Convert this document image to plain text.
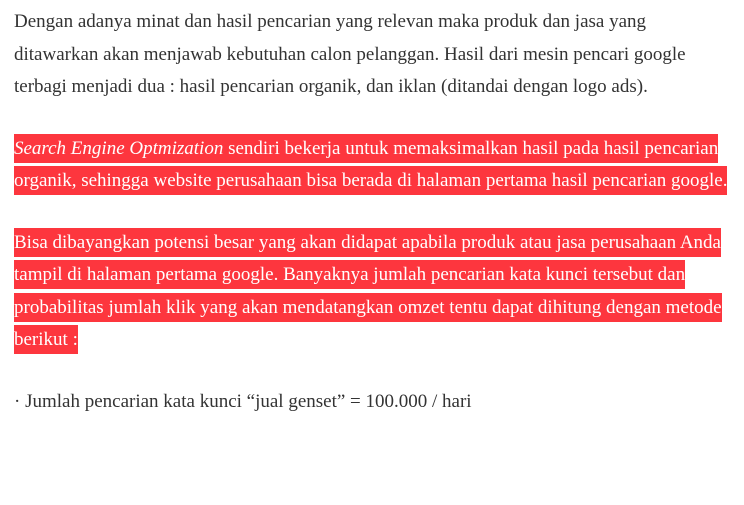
Dengan adanya minat dan hasil pencarian yang relevan maka produk dan jasa yang ditawarkan akan menjawab kebutuhan calon pelanggan. Hasil dari mesin pencari google terbagi menjadi dua : hasil pencarian organik, dan iklan (ditandai dengan logo ads).

Search Engine Optmization sendiri bekerja untuk memaksimalkan hasil pada hasil pencarian organik, sehingga website perusahaan bisa berada di halaman pertama hasil pencarian google.

Bisa dibayangkan potensi besar yang akan didapat apabila produk atau jasa perusahaan Anda tampil di halaman pertama google. Banyaknya jumlah pencarian kata kunci tersebut dan probabilitas jumlah klik yang akan mendatangkan omzet tentu dapat dihitung dengan metode berikut :

· Jumlah pencarian kata kunci “jual genset” = 100.000 / hari
